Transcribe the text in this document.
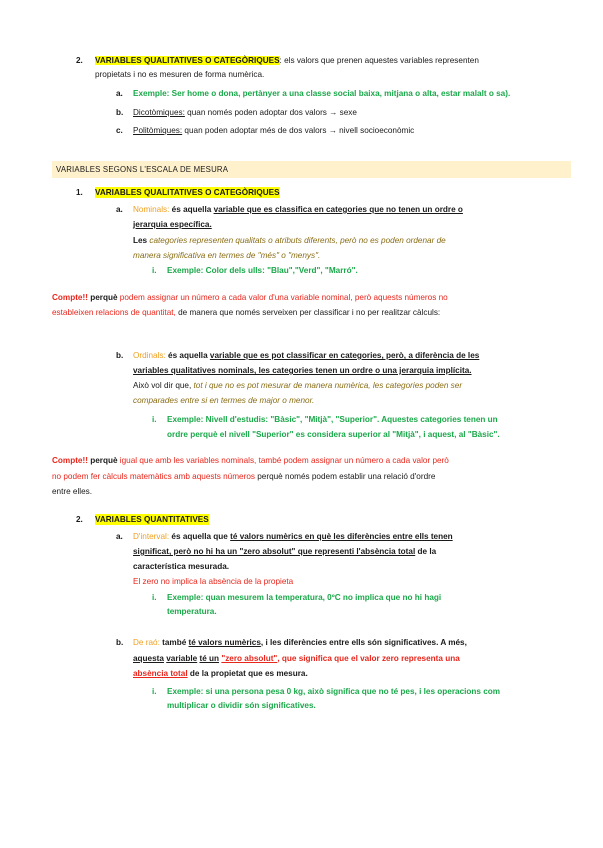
2. VARIABLES QUALITATIVES O CATEGÒRIQUES: els valors que prenen aquestes variables representen
propietats i no es mesuren de forma numèrica.
a. Exemple: Ser home o dona, pertànyer a una classe social baixa, mitjana o alta, estar malalt o sa).
b. Dicotòmiques: quan només poden adoptar dos valors → sexe
c. Politòmiques: quan poden adoptar més de dos valors → nivell socioeconòmic
VARIABLES SEGONS L'ESCALA DE MESURA
1. VARIABLES QUALITATIVES O CATEGÒRIQUES
a. Nominals: és aquella variable que es classifica en categories que no tenen un ordre o
jerarquia específica.
Les categories representen qualitats o atributs diferents, però no es poden ordenar de
manera significativa en termes de "més" o "menys".
i. Exemple: Color dels ulls: "Blau","Verd", "Marró".
Compte!! perquè podem assignar un número a cada valor d'una variable nominal, però aquests números no
estableixen relacions de quantitat, de manera que només serveixen per classificar i no per realitzar càlculs:
b. Ordinals: és aquella variable que es pot classificar en categories, però, a diferència de les
variables qualitatives nominals, les categories tenen un ordre o una jerarquia implícita.
Això vol dir que, tot i que no es pot mesurar de manera numèrica, les categories poden ser
comparades entre si en termes de major o menor.
i. Exemple: Nivell d'estudis: "Bàsic", "Mitjà", "Superior". Aquestes categories tenen un
ordre perquè el nivell "Superior" es considera superior al "Mitjà", i aquest, al "Bàsic".
Compte!! perquè igual que amb les variables nominals, també podem assignar un número a cada valor però
no podem fer càlculs matemàtics amb aquests números perquè només podem establir una relació d'ordre
entre elles.
2. VARIABLES QUANTITATIVES
a. D'interval: és aquella que té valors numèrics en què les diferències entre ells tenen
significat, però no hi ha un "zero absolut" que representi l'absència total de la
característica mesurada.
El zero no implica la absència de la propieta
i. Exemple: quan mesurem la temperatura, 0ºC no implica que no hi hagi
temperatura.
b. De raó: també té valors numèrics, i les diferències entre ells són significatives. A més,
aquesta variable té un "zero absolut", que significa que el valor zero representa una
absència total de la propietat que es mesura.
i. Exemple: si una persona pesa 0 kg, això significa que no té pes, i les operacions com
multiplicar o dividir són significatives.
